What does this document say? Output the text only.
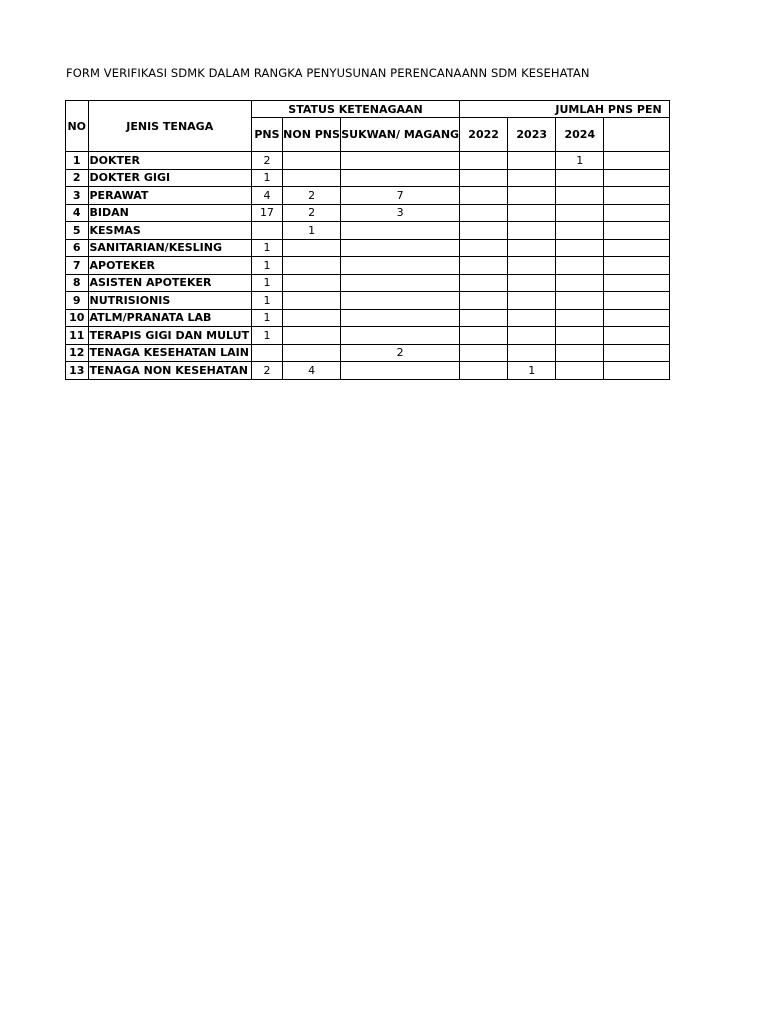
FORM VERIFIKASI SDMK DALAM RANGKA PENYUSUNAN PERENCANAANN SDM KESEHATAN
NO	JENIS TENAGA	STATUS KETENAGAAN			JUMLAH PNS PEN			
		PNS	NON PNS	SUKWAN/ MAGANG	2022	2023	2024	
1	DOKTER	2					1	
2	DOKTER GIGI	1						
3	PERAWAT	4	2	7				
4	BIDAN	17	2	3				
5	KESMAS		1					
6	SANITARIAN/KESLING	1						
7	APOTEKER	1						
8	ASISTEN APOTEKER	1						
9	NUTRISIONIS	1						
10	ATLM/PRANATA LAB	1						
11	TERAPIS GIGI DAN MULUT	1						
12	TENAGA KESEHATAN LAIN			2				
13	TENAGA NON KESEHATAN	2	4			1		
